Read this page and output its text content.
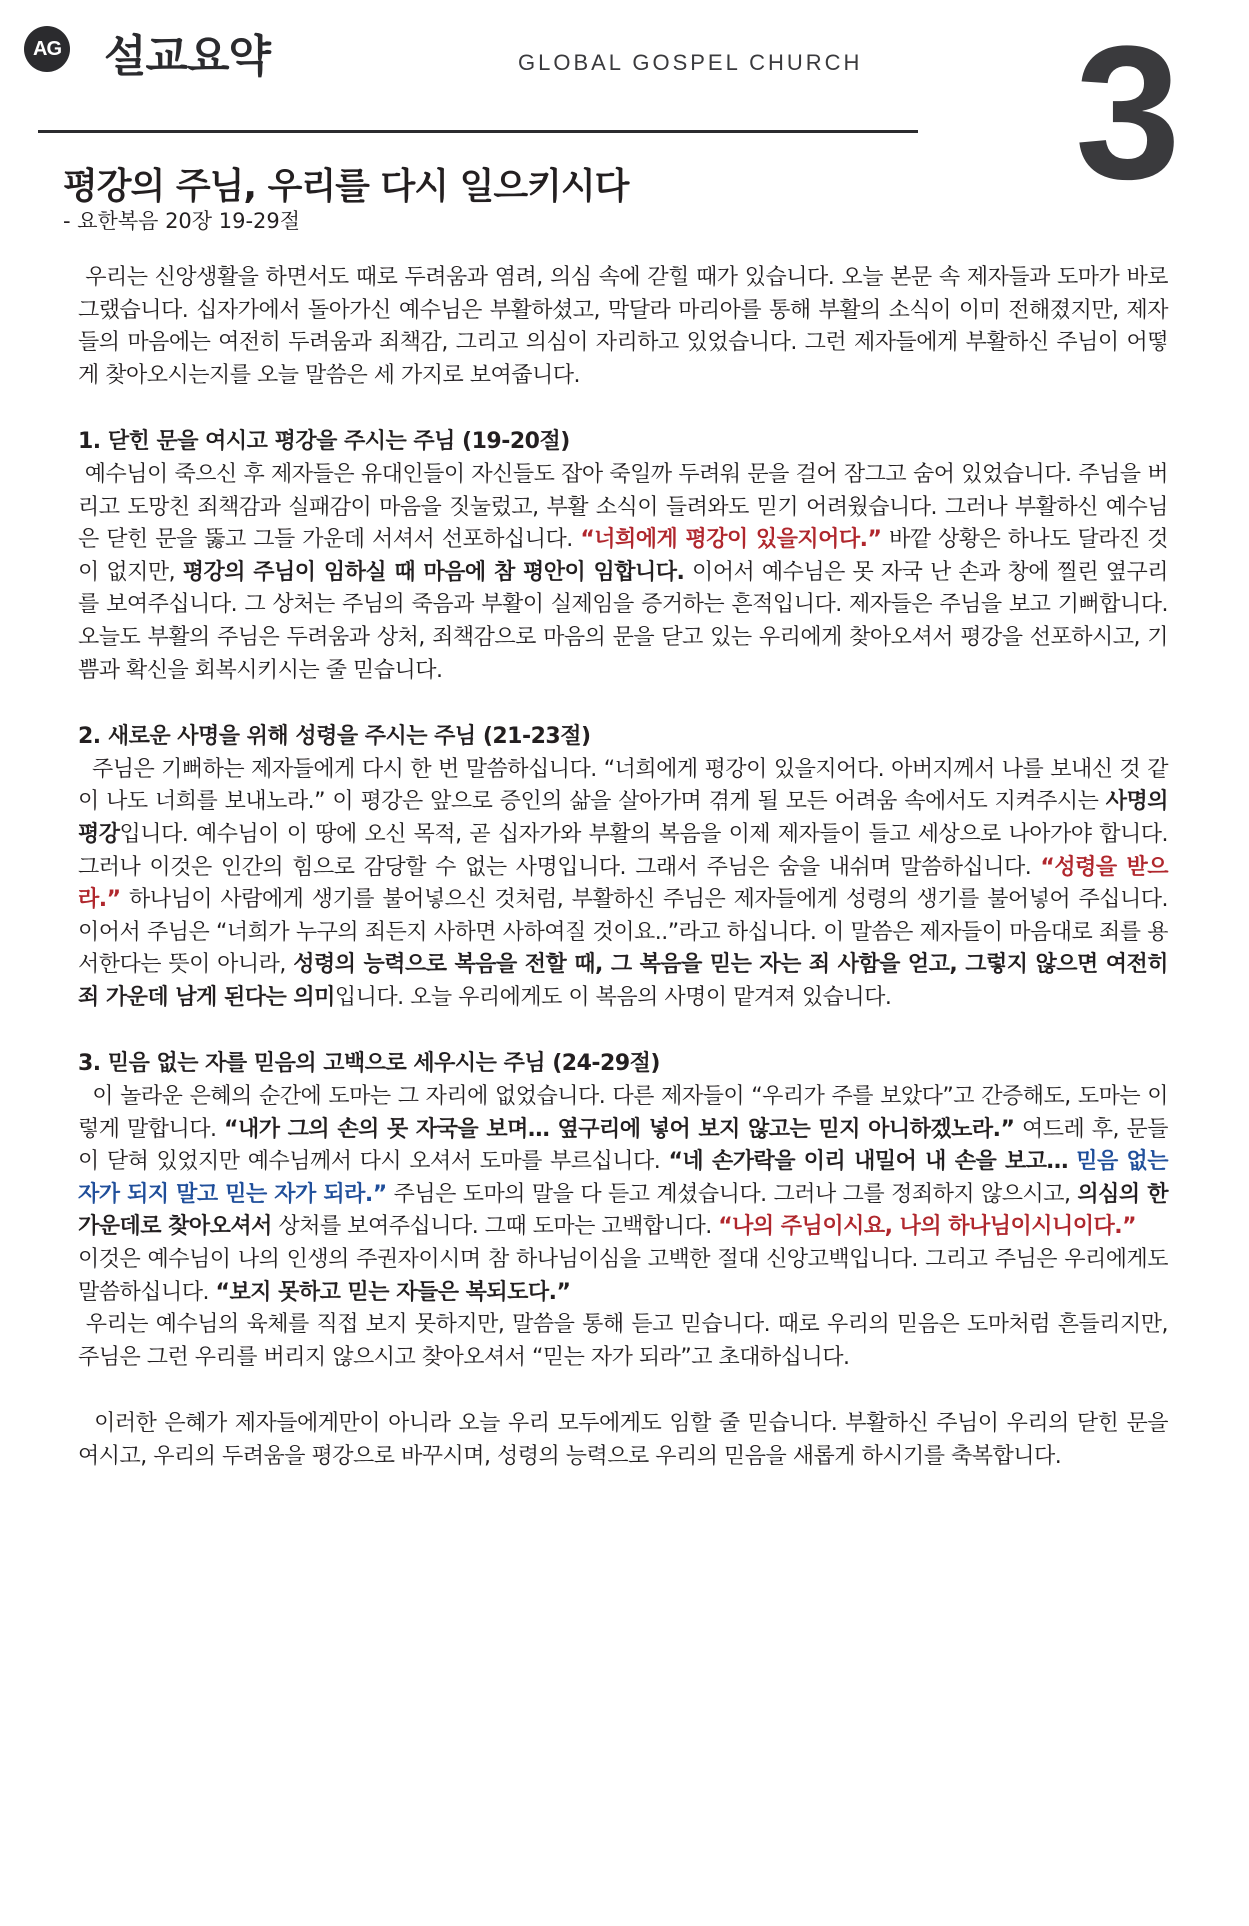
AG 설교요약	GLOBAL GOSPEL CHURCH 3
평강의 주님, 우리를 다시 일으키시다
- 요한복음 20장 19-29절

우리는 신앙생활을 하면서도 때로 두려움과 염려, 의심 속에 갇힐 때가 있습니다. 오늘 본문 속 제자들과 도마가 바로 그랬습니다. 십자가에서 돌아가신 예수님은 부활하셨고, 막달라 마리아를 통해 부활의 소식이 이미 전해졌지만, 제자들의 마음에는 여전히 두려움과 죄책감, 그리고 의심이 자리하고 있었습니다. 그런 제자들에게 부활하신 주님이 어떻게 찾아오시는지를 오늘 말씀은 세 가지로 보여줍니다.

1. 닫힌 문을 여시고 평강을 주시는 주님 (19-20절)

예수님이 죽으신 후 제자들은 유대인들이 자신들도 잡아 죽일까 두려워 문을 걸어 잠그고 숨어 있었습니다. 주님을 버리고 도망친 죄책감과 실패감이 마음을 짓눌렀고, 부활 소식이 들려와도 믿기 어려웠습니다. 그러나 부활하신 예수님은 닫힌 문을 뚫고 그들 가운데 서셔서 선포하십니다. “너희에게 평강이 있을지어다.” 바깥 상황은 하나도 달라진 것이 없지만, 평강의 주님이 임하실 때 마음에 참 평안이 임합니다. 이어서 예수님은 못 자국 난 손과 창에 찔린 옆구리를 보여주십니다. 그 상처는 주님의 죽음과 부활이 실제임을 증거하는 흔적입니다. 제자들은 주님을 보고 기뻐합니다. 오늘도 부활의 주님은 두려움과 상처, 죄책감으로 마음의 문을 닫고 있는 우리에게 찾아오셔서 평강을 선포하시고, 기쁨과 확신을 회복시키시는 줄 믿습니다.

2. 새로운 사명을 위해 성령을 주시는 주님 (21-23절)

주님은 기뻐하는 제자들에게 다시 한 번 말씀하십니다. “너희에게 평강이 있을지어다. 아버지께서 나를 보내신 것 같이 나도 너희를 보내노라.” 이 평강은 앞으로 증인의 삶을 살아가며 겪게 될 모든 어려움 속에서도 지켜주시는 사명의 평강입니다. 예수님이 이 땅에 오신 목적, 곧 십자가와 부활의 복음을 이제 제자들이 들고 세상으로 나아가야 합니다. 그러나 이것은 인간의 힘으로 감당할 수 없는 사명입니다. 그래서 주님은 숨을 내쉬며 말씀하십니다. “성령을 받으라.” 하나님이 사람에게 생기를 불어넣으신 것처럼, 부활하신 주님은 제자들에게 성령의 생기를 불어넣어 주십니다. 이어서 주님은 “너희가 누구의 죄든지 사하면 사하여질 것이요..”라고 하십니다. 이 말씀은 제자들이 마음대로 죄를 용서한다는 뜻이 아니라, 성령의 능력으로 복음을 전할 때, 그 복음을 믿는 자는 죄 사함을 얻고, 그렇지 않으면 여전히 죄 가운데 남게 된다는 의미입니다. 오늘 우리에게도 이 복음의 사명이 맡겨져 있습니다.

3. 믿음 없는 자를 믿음의 고백으로 세우시는 주님 (24-29절)

이 놀라운 은혜의 순간에 도마는 그 자리에 없었습니다. 다른 제자들이 “우리가 주를 보았다”고 간증해도, 도마는 이렇게 말합니다. “내가 그의 손의 못 자국을 보며… 옆구리에 넣어 보지 않고는 믿지 아니하겠노라.” 여드레 후, 문들이 닫혀 있었지만 예수님께서 다시 오셔서 도마를 부르십니다. “네 손가락을 이리 내밀어 내 손을 보고… 믿음 없는 자가 되지 말고 믿는 자가 되라.” 주님은 도마의 말을 다 듣고 계셨습니다. 그러나 그를 정죄하지 않으시고, 의심의 한가운데로 찾아오셔서 상처를 보여주십니다. 그때 도마는 고백합니다. “나의 주님이시요, 나의 하나님이시니이다.”
이것은 예수님이 나의 인생의 주권자이시며 참 하나님이심을 고백한 절대 신앙고백입니다. 그리고 주님은 우리에게도 말씀하십니다. “보지 못하고 믿는 자들은 복되도다.”

우리는 예수님의 육체를 직접 보지 못하지만, 말씀을 통해 듣고 믿습니다. 때로 우리의 믿음은 도마처럼 흔들리지만, 주님은 그런 우리를 버리지 않으시고 찾아오셔서 “믿는 자가 되라”고 초대하십니다.

이러한 은혜가 제자들에게만이 아니라 오늘 우리 모두에게도 임할 줄 믿습니다. 부활하신 주님이 우리의 닫힌 문을 여시고, 우리의 두려움을 평강으로 바꾸시며, 성령의 능력으로 우리의 믿음을 새롭게 하시기를 축복합니다.
